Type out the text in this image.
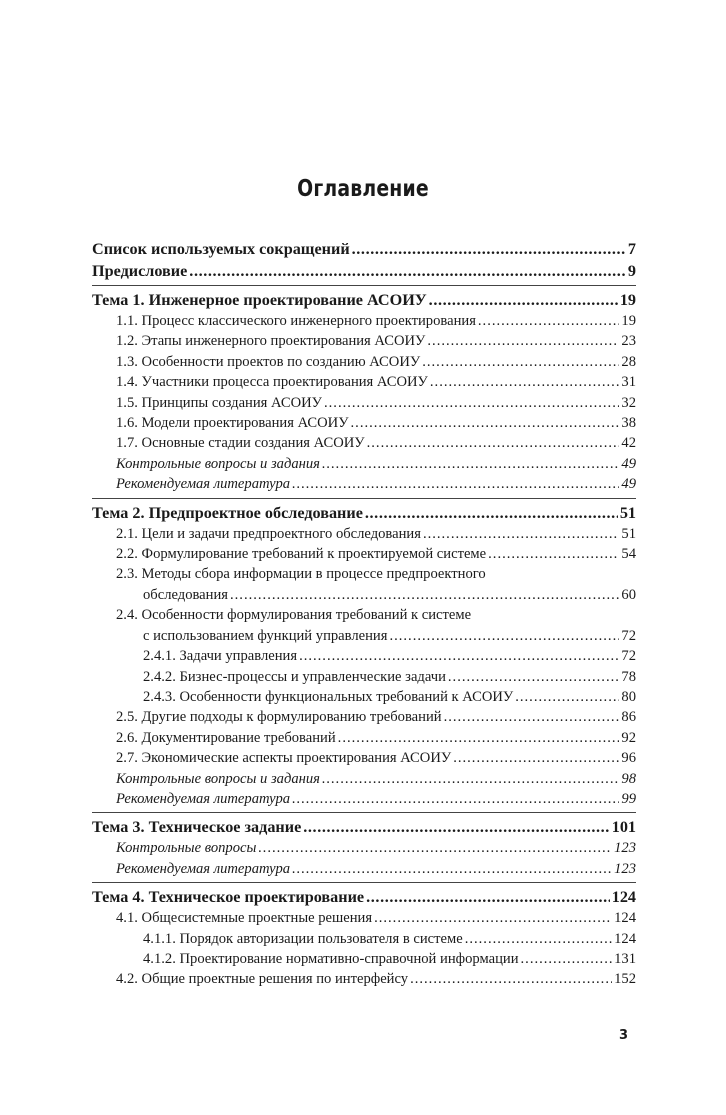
Оглавление
Список используемых сокращений .....	7
Предисловие .....	9
Тема 1. Инженерное проектирование АСОИУ .....	19
1.1. Процесс классического инженерного проектирования .....	19
1.2. Этапы инженерного проектирования АСОИУ .....	23
1.3. Особенности проектов по созданию АСОИУ .....	28
1.4. Участники процесса проектирования АСОИУ .....	31
1.5. Принципы создания АСОИУ .....	32
1.6. Модели проектирования АСОИУ .....	38
1.7. Основные стадии создания АСОИУ .....	42
Контрольные вопросы и задания .....	49
Рекомендуемая литература .....	49
Тема 2. Предпроектное обследование .....	51
2.1. Цели и задачи предпроектного обследования .....	51
2.2. Формулирование требований к проектируемой системе .....	54
2.3. Методы сбора информации в процессе предпроектного
обследования .....	60
2.4. Особенности формулирования требований к системе
с использованием функций управления .....	72
2.4.1. Задачи управления .....	72
2.4.2. Бизнес-процессы и управленческие задачи .....	78
2.4.3. Особенности функциональных требований к АСОИУ .....	80
2.5. Другие подходы к формулированию требований .....	86
2.6. Документирование требований .....	92
2.7. Экономические аспекты проектирования АСОИУ .....	96
Контрольные вопросы и задания .....	98
Рекомендуемая литература .....	99
Тема 3. Техническое задание .....	101
Контрольные вопросы .....	123
Рекомендуемая литература .....	123
Тема 4. Техническое проектирование .....	124
4.1. Общесистемные проектные решения .....	124
4.1.1. Порядок авторизации пользователя в системе .....	124
4.1.2. Проектирование нормативно-справочной информации .....	131
4.2. Общие проектные решения по интерфейсу .....	152
3
